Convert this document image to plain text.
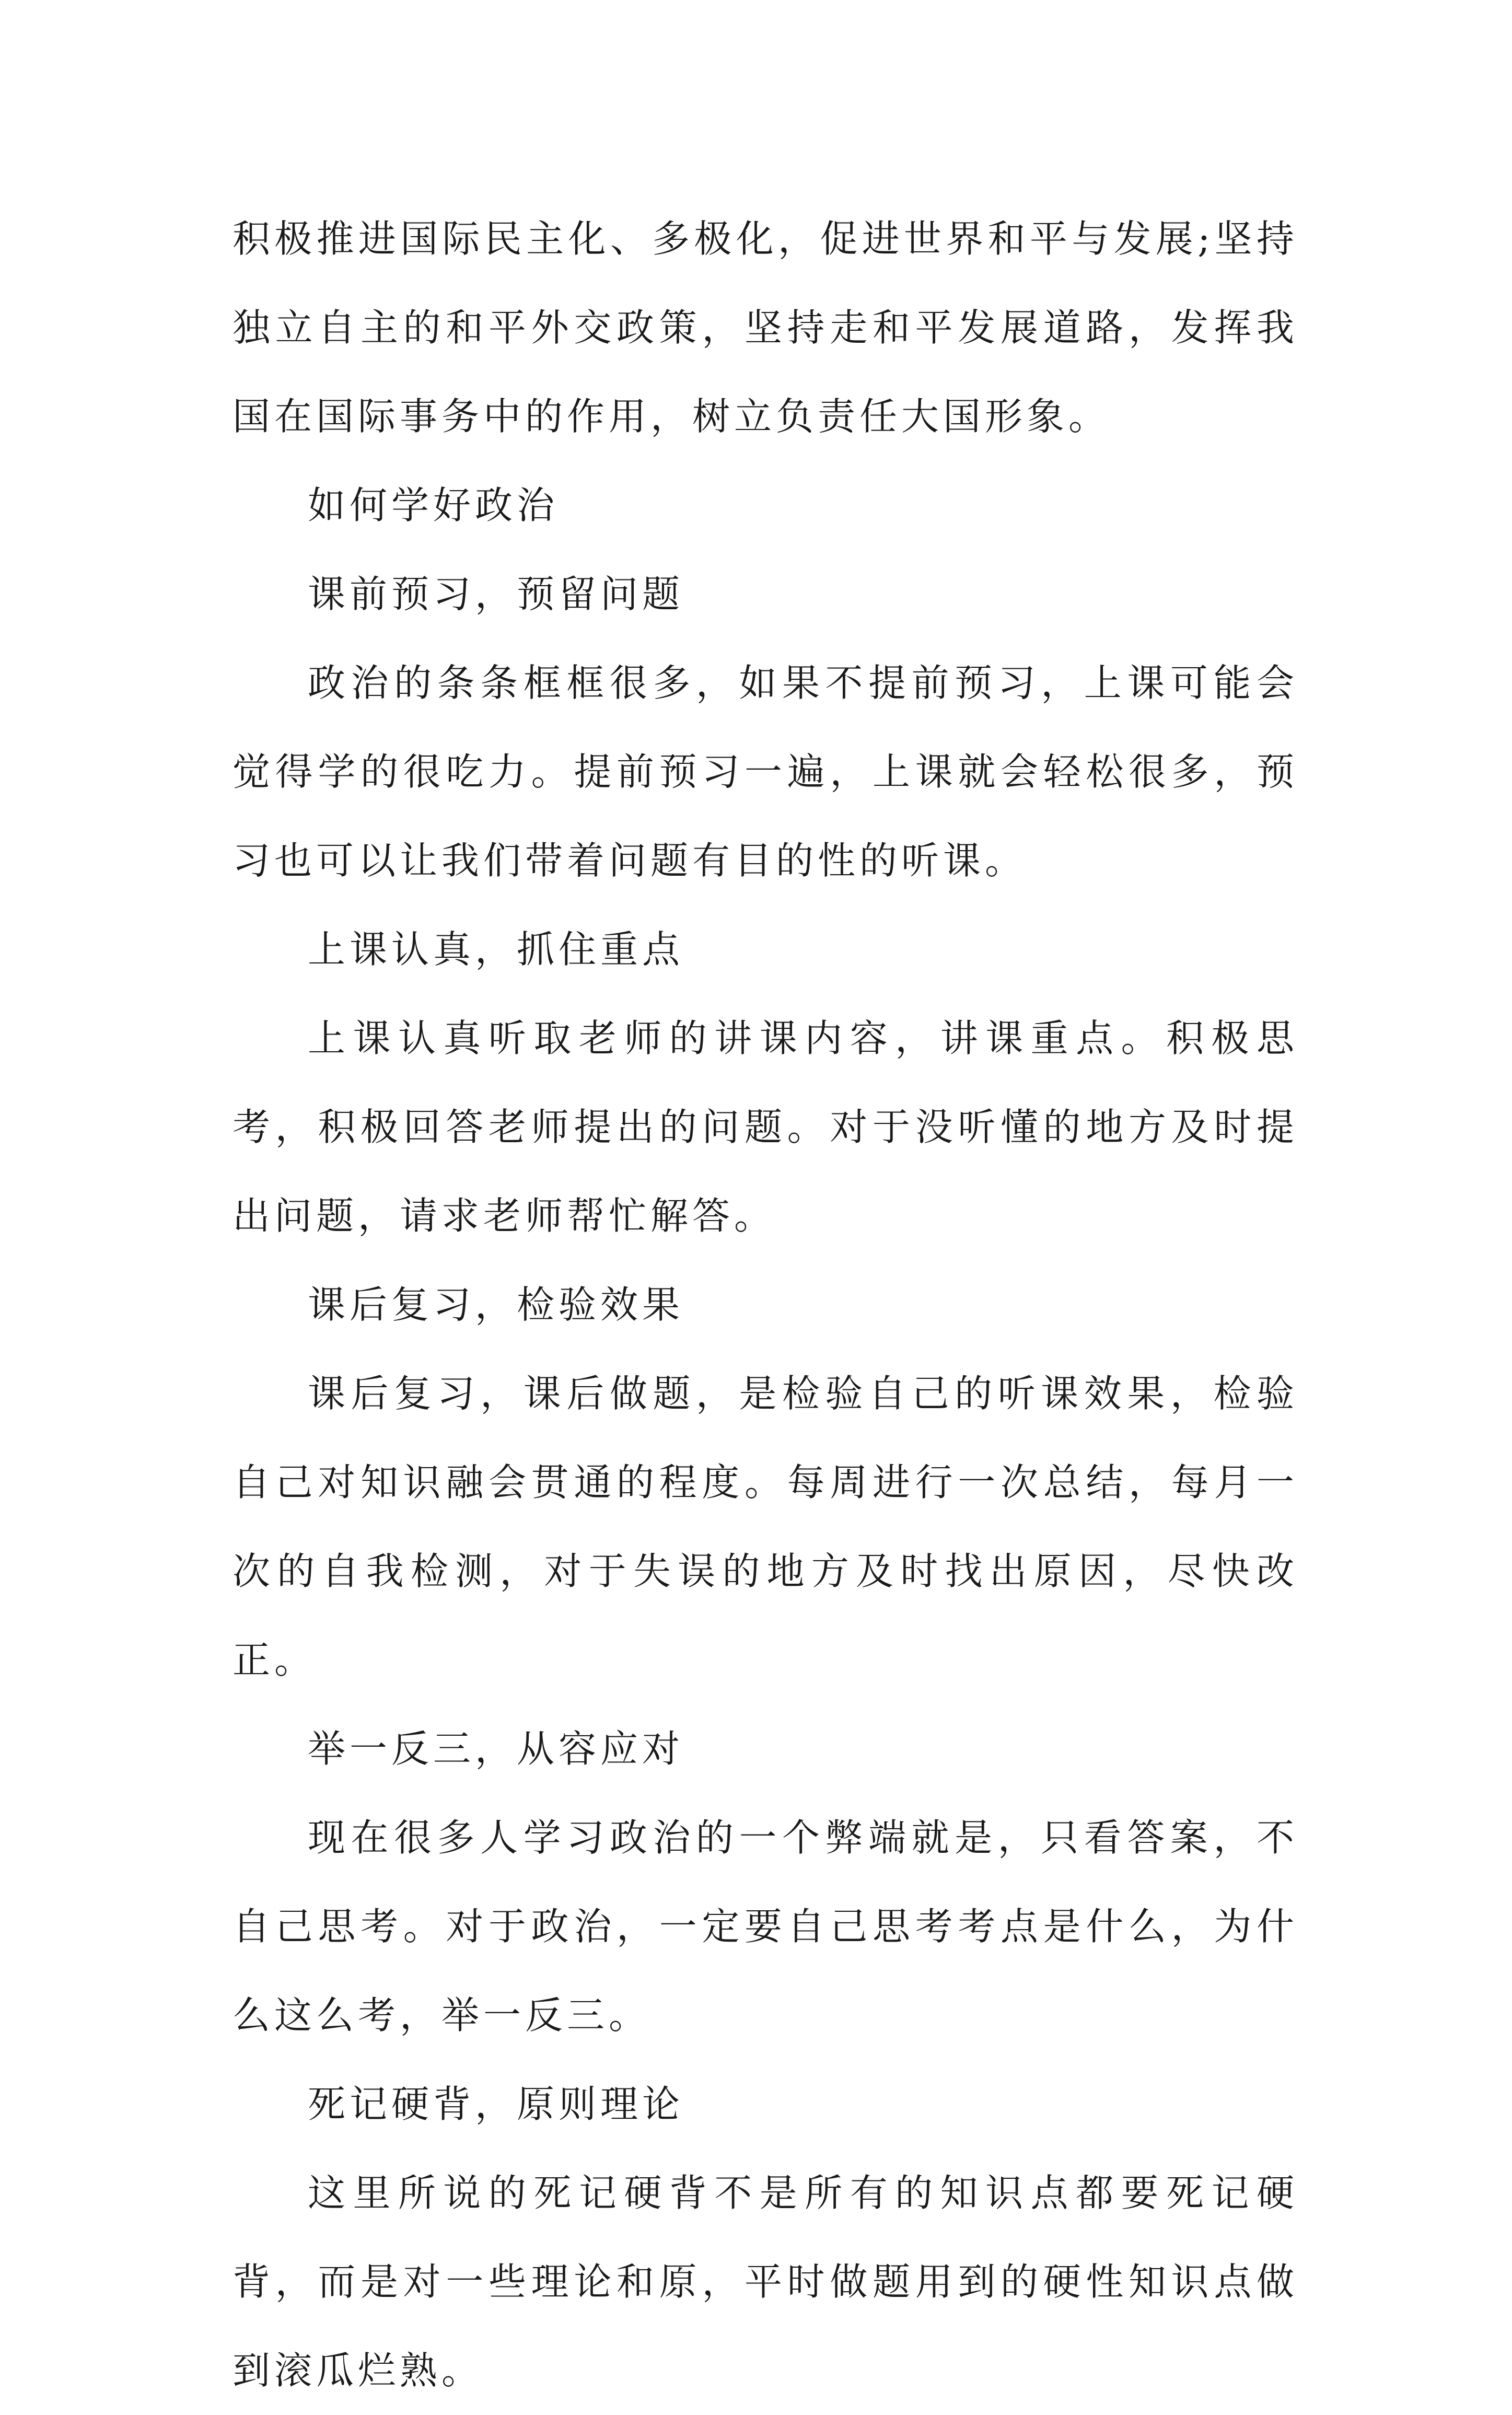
积极推进国际民主化、多极化，促进世界和平与发展;坚持独立自主的和平外交政策，坚持走和平发展道路，发挥我国在国际事务中的作用，树立负责任大国形象。

如何学好政治

课前预习，预留问题

政治的条条框框很多，如果不提前预习，上课可能会觉得学的很吃力。提前预习一遍，上课就会轻松很多，预习也可以让我们带着问题有目的性的听课。

上课认真，抓住重点

上课认真听取老师的讲课内容，讲课重点。积极思考，积极回答老师提出的问题。对于没听懂的地方及时提出问题，请求老师帮忙解答。

课后复习，检验效果

课后复习，课后做题，是检验自己的听课效果，检验自己对知识融会贯通的程度。每周进行一次总结，每月一次的自我检测，对于失误的地方及时找出原因，尽快改正。

举一反三，从容应对

现在很多人学习政治的一个弊端就是，只看答案，不自己思考。对于政治，一定要自己思考考点是什么，为什么这么考，举一反三。

死记硬背，原则理论

这里所说的死记硬背不是所有的知识点都要死记硬背，而是对一些理论和原，平时做题用到的硬性知识点做到滚瓜烂熟。
